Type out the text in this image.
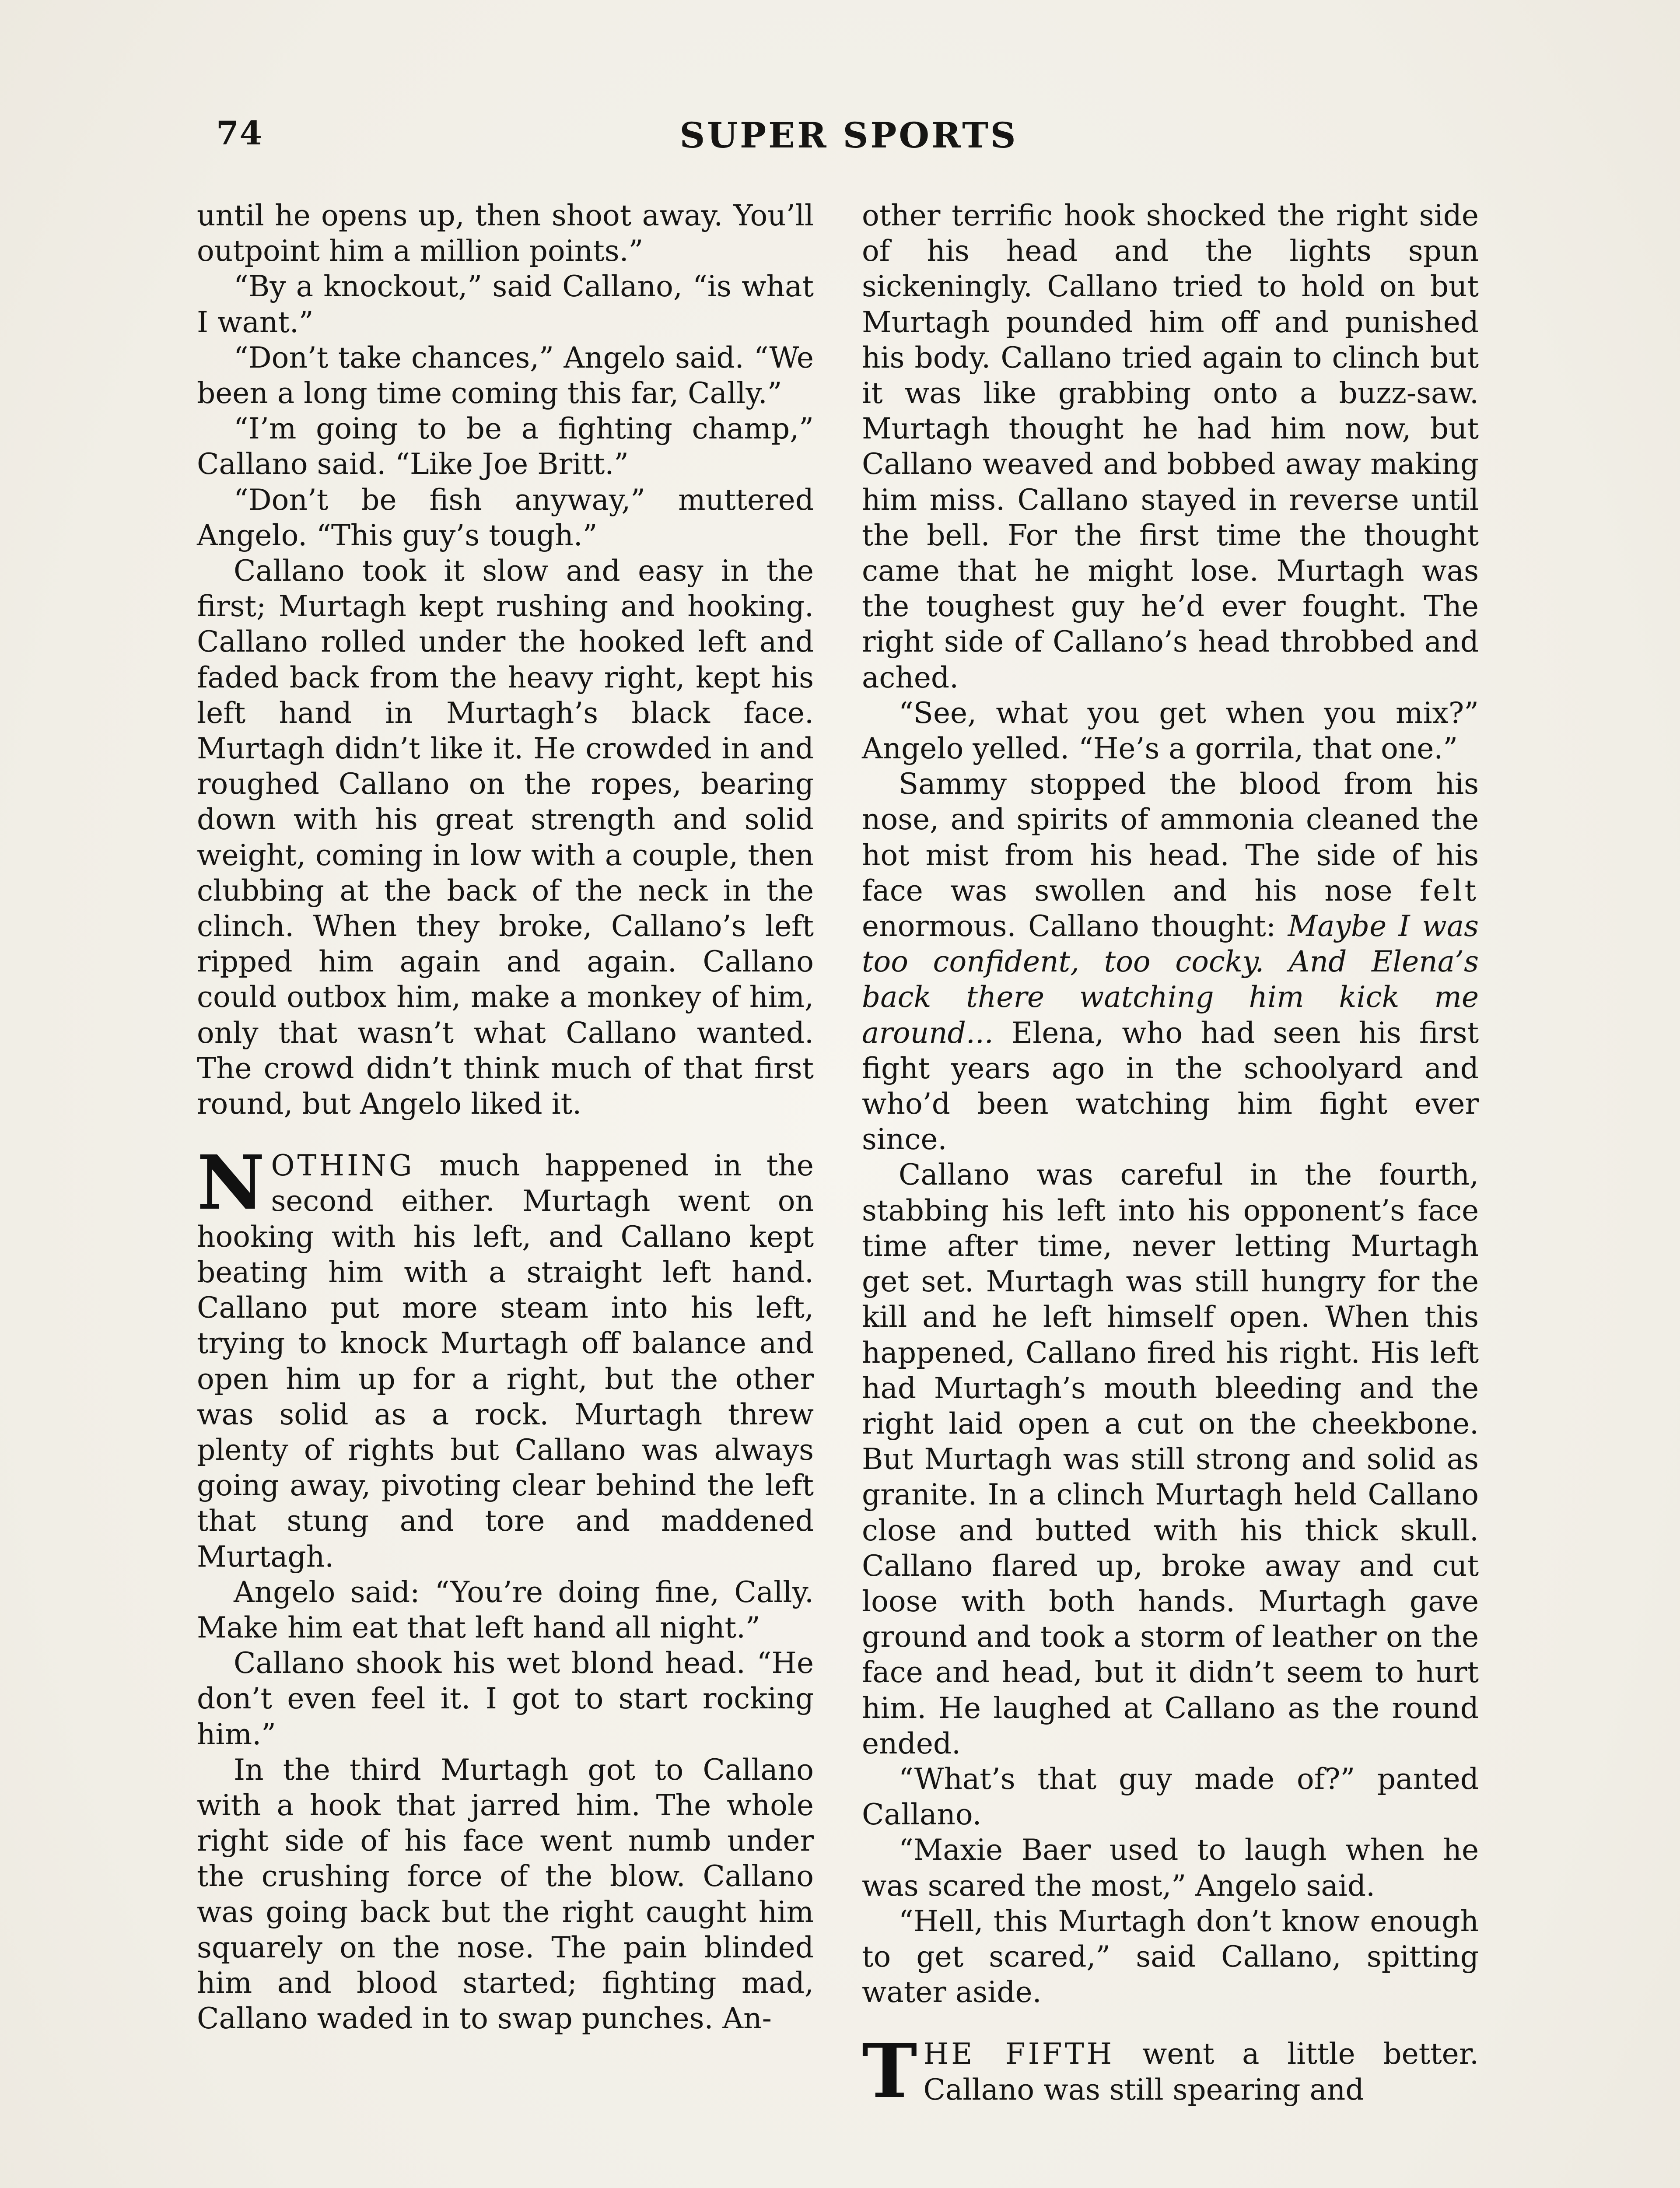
74	SUPER SPORTS

until he opens up, then shoot away. You’ll outpoint him a million points.”

“By a knockout,” said Callano, “is what I want.”

“Don’t take chances,” Angelo said. “We been a long time coming this far, Cally.”

“I’m going to be a fighting champ,” Callano said. “Like Joe Britt.”

“Don’t be fish anyway,” muttered Angelo. “This guy’s tough.”

Callano took it slow and easy in the first; Murtagh kept rushing and hooking. Callano rolled under the hooked left and faded back from the heavy right, kept his left hand in Murtagh’s black face. Murtagh didn’t like it. He crowded in and roughed Callano on the ropes, bearing down with his great strength and solid weight, coming in low with a couple, then clubbing at the back of the neck in the clinch. When they broke, Callano’s left ripped him again and again. Callano could outbox him, make a monkey of him, only that wasn’t what Callano wanted. The crowd didn’t think much of that first round, but Angelo liked it.

NOTHING much happened in the second either. Murtagh went on hooking with his left, and Callano kept beating him with a straight left hand. Callano put more steam into his left, trying to knock Murtagh off balance and open him up for a right, but the other was solid as a rock. Murtagh threw plenty of rights but Callano was always going away, pivoting clear behind the left that stung and tore and maddened Murtagh.

Angelo said: “You’re doing fine, Cally. Make him eat that left hand all night.”

Callano shook his wet blond head. “He don’t even feel it. I got to start rocking him.”

In the third Murtagh got to Callano with a hook that jarred him. The whole right side of his face went numb under the crushing force of the blow. Callano was going back but the right caught him squarely on the nose. The pain blinded him and blood started; fighting mad, Callano waded in to swap punches. An-

other terrific hook shocked the right side of his head and the lights spun sickeningly. Callano tried to hold on but Murtagh pounded him off and punished his body. Callano tried again to clinch but it was like grabbing onto a buzz-saw. Murtagh thought he had him now, but Callano weaved and bobbed away making him miss. Callano stayed in reverse until the bell. For the first time the thought came that he might lose. Murtagh was the toughest guy he’d ever fought. The right side of Callano’s head throbbed and ached.

“See, what you get when you mix?” Angelo yelled. “He’s a gorrila, that one.”

Sammy stopped the blood from his nose, and spirits of ammonia cleaned the hot mist from his head. The side of his face was swollen and his nose felt enormous. Callano thought: Maybe I was too confident, too cocky. And Elena’s back there watching him kick me around... Elena, who had seen his first fight years ago in the schoolyard and who’d been watching him fight ever since.

Callano was careful in the fourth, stabbing his left into his opponent’s face time after time, never letting Murtagh get set. Murtagh was still hungry for the kill and he left himself open. When this happened, Callano fired his right. His left had Murtagh’s mouth bleeding and the right laid open a cut on the cheekbone. But Murtagh was still strong and solid as granite. In a clinch Murtagh held Callano close and butted with his thick skull. Callano flared up, broke away and cut loose with both hands. Murtagh gave ground and took a storm of leather on the face and head, but it didn’t seem to hurt him. He laughed at Callano as the round ended.

“What’s that guy made of?” panted Callano.

“Maxie Baer used to laugh when he was scared the most,” Angelo said.

“Hell, this Murtagh don’t know enough to get scared,” said Callano, spitting water aside.

THE FIFTH went a little better. Callano was still spearing and
